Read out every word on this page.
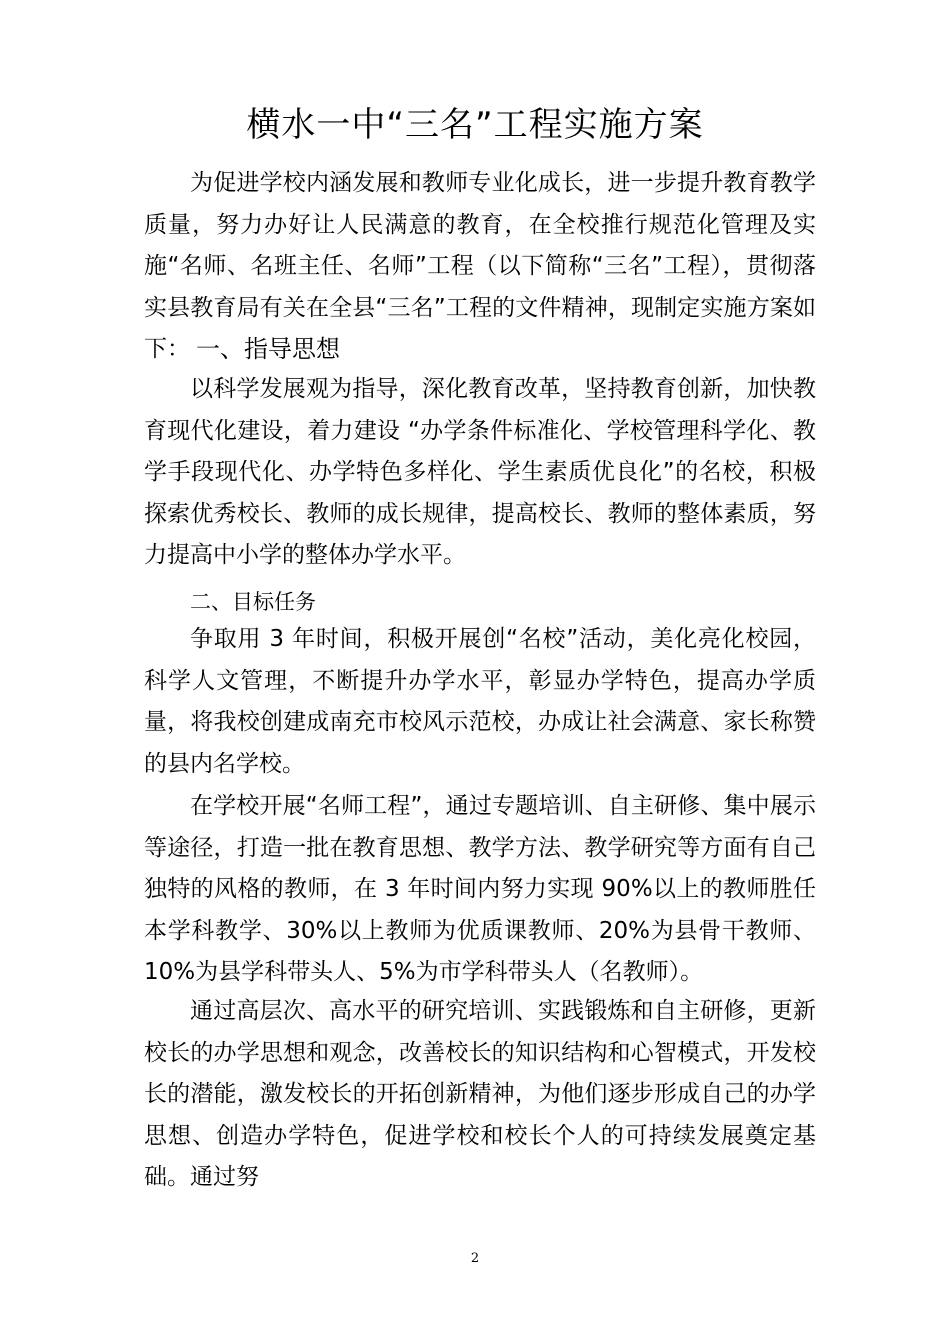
横水一中“三名”工程实施方案

为促进学校内涵发展和教师专业化成长，进一步提升教育教学质量，努力办好让人民满意的教育，在全校推行规范化管理及实施“名师、名班主任、名师”工程（以下简称“三名”工程），贯彻落实县教育局有关在全县“三名”工程的文件精神，现制定实施方案如下： 一、指导思想

以科学发展观为指导，深化教育改革，坚持教育创新，加快教育现代化建设，着力建设 “办学条件标准化、学校管理科学化、教学手段现代化、办学特色多样化、学生素质优良化”的名校，积极探索优秀校长、教师的成长规律，提高校长、教师的整体素质，努力提高中小学的整体办学水平。

二、目标任务

争取用 3 年时间，积极开展创“名校”活动，美化亮化校园，科学人文管理，不断提升办学水平，彰显办学特色，提高办学质量，将我校创建成南充市校风示范校，办成让社会满意、家长称赞的县内名学校。

在学校开展“名师工程”，通过专题培训、自主研修、集中展示等途径，打造一批在教育思想、教学方法、教学研究等方面有自己独特的风格的教师，在 3 年时间内努力实现 90%以上的教师胜任本学科教学、30%以上教师为优质课教师、20%为县骨干教师、10%为县学科带头人、5%为市学科带头人（名教师）。

通过高层次、高水平的研究培训、实践锻炼和自主研修，更新校长的办学思想和观念，改善校长的知识结构和心智模式，开发校长的潜能，激发校长的开拓创新精神，为他们逐步形成自己的办学思想、创造办学特色，促进学校和校长个人的可持续发展奠定基础。通过努

2
